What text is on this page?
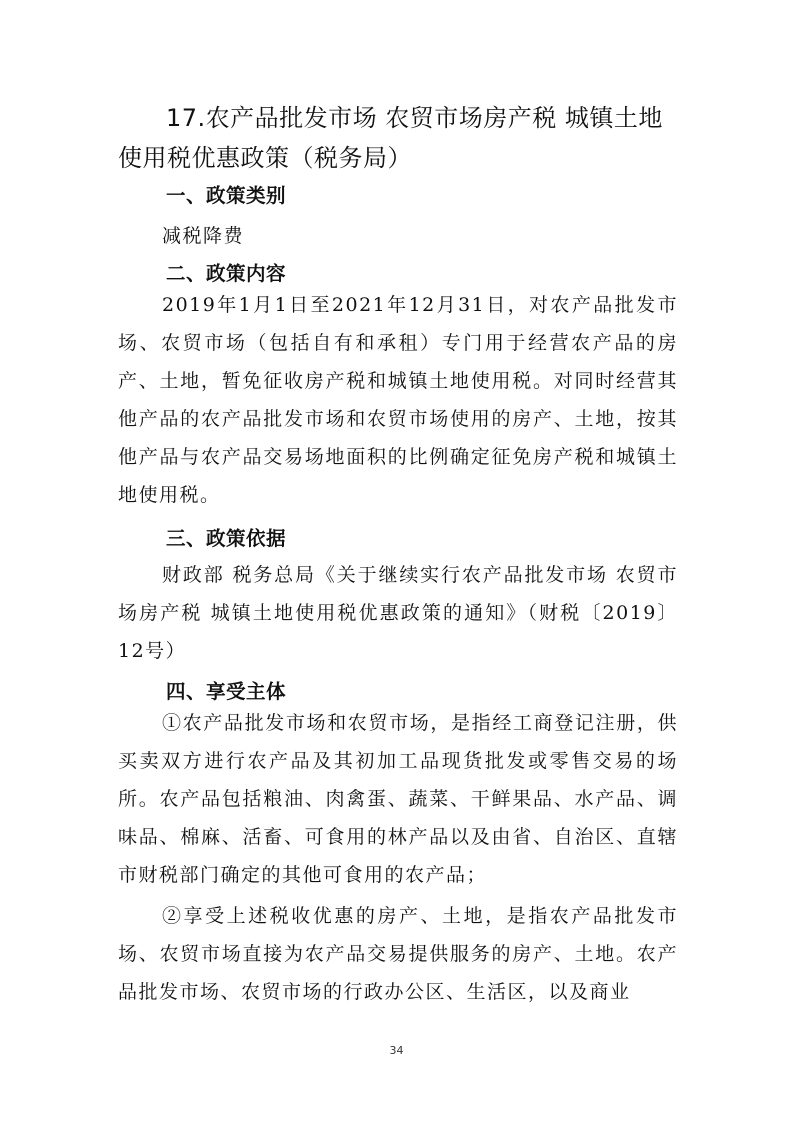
17.农产品批发市场 农贸市场房产税 城镇土地使用税优惠政策（税务局）
一、政策类别

减税降费

二、政策内容

2019年1月1日至2021年12月31日，对农产品批发市场、农贸市场（包括自有和承租）专门用于经营农产品的房产、土地，暂免征收房产税和城镇土地使用税。对同时经营其他产品的农产品批发市场和农贸市场使用的房产、土地，按其他产品与农产品交易场地面积的比例确定征免房产税和城镇土地使用税。

三、政策依据

财政部 税务总局《关于继续实行农产品批发市场 农贸市场房产税 城镇土地使用税优惠政策的通知》（财税〔2019〕12号）

四、享受主体

①农产品批发市场和农贸市场，是指经工商登记注册，供买卖双方进行农产品及其初加工品现货批发或零售交易的场所。农产品包括粮油、肉禽蛋、蔬菜、干鲜果品、水产品、调味品、棉麻、活畜、可食用的林产品以及由省、自治区、直辖市财税部门确定的其他可食用的农产品；

②享受上述税收优惠的房产、土地，是指农产品批发市场、农贸市场直接为农产品交易提供服务的房产、土地。农产品批发市场、农贸市场的行政办公区、生活区，以及商业

34
